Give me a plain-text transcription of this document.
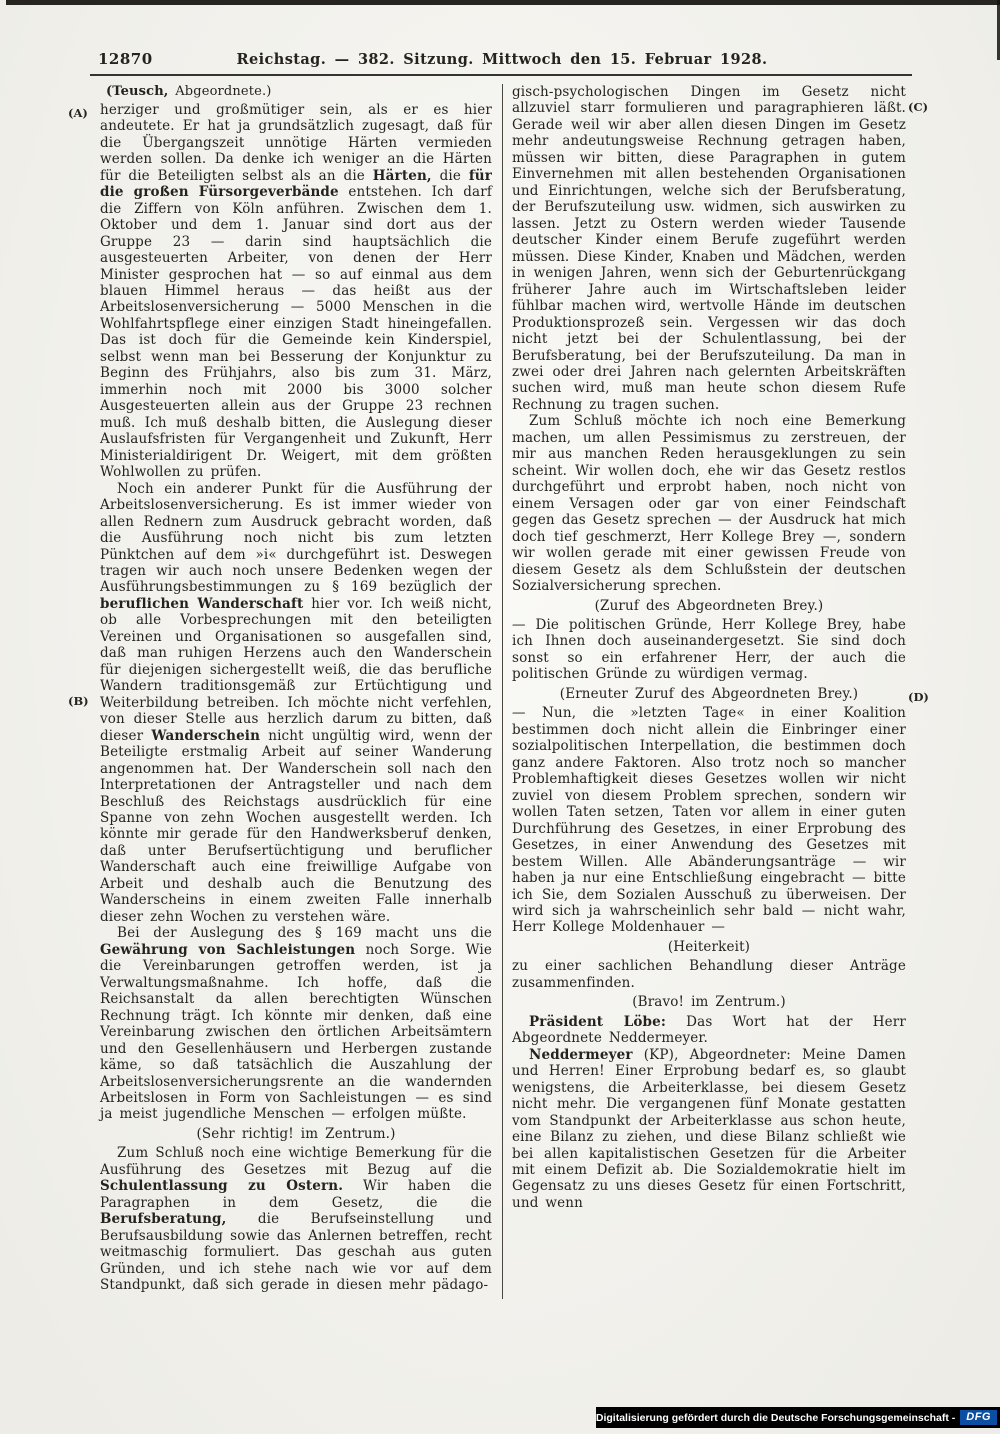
12870	Reichstag. — 382. Sitzung. Mittwoch den 15. Februar 1928.
(A)
(B)
(C)
(D)

(Teusch, Abgeordnete.)

herziger und großmütiger sein, als er es hier andeutete. Er hat ja grundsätzlich zugesagt, daß für die Übergangszeit unnötige Härten vermieden werden sollen. Da denke ich weniger an die Härten für die Beteiligten selbst als an die Härten, die für die großen Fürsorgeverbände entstehen. Ich darf die Ziffern von Köln anführen. Zwischen dem 1. Oktober und dem 1. Januar sind dort aus der Gruppe 23 — darin sind hauptsächlich die ausgesteuerten Arbeiter, von denen der Herr Minister gesprochen hat — so auf einmal aus dem blauen Himmel heraus — das heißt aus der Arbeitslosenversicherung — 5000 Menschen in die Wohlfahrtspflege einer einzigen Stadt hineingefallen. Das ist doch für die Gemeinde kein Kinderspiel, selbst wenn man bei Besserung der Konjunktur zu Beginn des Frühjahrs, also bis zum 31. März, immerhin noch mit 2000 bis 3000 solcher Ausgesteuerten allein aus der Gruppe 23 rechnen muß. Ich muß deshalb bitten, die Auslegung dieser Auslaufsfristen für Vergangenheit und Zukunft, Herr Ministerialdirigent Dr. Weigert, mit dem größten Wohlwollen zu prüfen.

Noch ein anderer Punkt für die Ausführung der Arbeitslosenversicherung. Es ist immer wieder von allen Rednern zum Ausdruck gebracht worden, daß die Ausführung noch nicht bis zum letzten Pünktchen auf dem »i« durchgeführt ist. Deswegen tragen wir auch noch unsere Bedenken wegen der Ausführungsbestimmungen zu § 169 bezüglich der beruflichen Wanderschaft hier vor. Ich weiß nicht, ob alle Vorbesprechungen mit den beteiligten Vereinen und Organisationen so ausgefallen sind, daß man ruhigen Herzens auch den Wanderschein für diejenigen sichergestellt weiß, die das berufliche Wandern traditionsgemäß zur Ertüchtigung und Weiterbildung betreiben. Ich möchte nicht verfehlen, von dieser Stelle aus herzlich darum zu bitten, daß dieser Wanderschein nicht ungültig wird, wenn der Beteiligte erstmalig Arbeit auf seiner Wanderung angenommen hat. Der Wanderschein soll nach den Interpretationen der Antragsteller und nach dem Beschluß des Reichstags ausdrücklich für eine Spanne von zehn Wochen ausgestellt werden. Ich könnte mir gerade für den Handwerksberuf denken, daß unter Berufsertüchtigung und beruflicher Wanderschaft auch eine freiwillige Aufgabe von Arbeit und deshalb auch die Benutzung des Wanderscheins in einem zweiten Falle innerhalb dieser zehn Wochen zu verstehen wäre.

Bei der Auslegung des § 169 macht uns die Gewährung von Sachleistungen noch Sorge. Wie die Vereinbarungen getroffen werden, ist ja Verwaltungsmaßnahme. Ich hoffe, daß die Reichsanstalt da allen berechtigten Wünschen Rechnung trägt. Ich könnte mir denken, daß eine Vereinbarung zwischen den örtlichen Arbeitsämtern und den Gesellenhäusern und Herbergen zustande käme, so daß tatsächlich die Auszahlung der Arbeitslosenversicherungsrente an die wandernden Arbeitslosen in Form von Sachleistungen — es sind ja meist jugendliche Menschen — erfolgen müßte.

(Sehr richtig! im Zentrum.)

Zum Schluß noch eine wichtige Bemerkung für die Ausführung des Gesetzes mit Bezug auf die Schulentlassung zu Ostern. Wir haben die Paragraphen in dem Gesetz, die die Berufsberatung, die Berufseinstellung und Berufsausbildung sowie das Anlernen betreffen, recht weitmaschig formuliert. Das geschah aus guten Gründen, und ich stehe nach wie vor auf dem Standpunkt, daß sich gerade in diesen mehr pädago-

gisch-psychologischen Dingen im Gesetz nicht allzuviel starr formulieren und paragraphieren läßt. Gerade weil wir aber allen diesen Dingen im Gesetz mehr andeutungsweise Rechnung getragen haben, müssen wir bitten, diese Paragraphen in gutem Einvernehmen mit allen bestehenden Organisationen und Einrichtungen, welche sich der Berufsberatung, der Berufszuteilung usw. widmen, sich auswirken zu lassen. Jetzt zu Ostern werden wieder Tausende deutscher Kinder einem Berufe zugeführt werden müssen. Diese Kinder, Knaben und Mädchen, werden in wenigen Jahren, wenn sich der Geburtenrückgang früherer Jahre auch im Wirtschaftsleben leider fühlbar machen wird, wertvolle Hände im deutschen Produktionsprozeß sein. Vergessen wir das doch nicht jetzt bei der Schulentlassung, bei der Berufsberatung, bei der Berufszuteilung. Da man in zwei oder drei Jahren nach gelernten Arbeitskräften suchen wird, muß man heute schon diesem Rufe Rechnung zu tragen suchen.

Zum Schluß möchte ich noch eine Bemerkung machen, um allen Pessimismus zu zerstreuen, der mir aus manchen Reden herausgeklungen zu sein scheint. Wir wollen doch, ehe wir das Gesetz restlos durchgeführt und erprobt haben, noch nicht von einem Versagen oder gar von einer Feindschaft gegen das Gesetz sprechen — der Ausdruck hat mich doch tief geschmerzt, Herr Kollege Brey —, sondern wir wollen gerade mit einer gewissen Freude von diesem Gesetz als dem Schlußstein der deutschen Sozialversicherung sprechen.

(Zuruf des Abgeordneten Brey.)

— Die politischen Gründe, Herr Kollege Brey, habe ich Ihnen doch auseinandergesetzt. Sie sind doch sonst so ein erfahrener Herr, der auch die politischen Gründe zu würdigen vermag.

(Erneuter Zuruf des Abgeordneten Brey.)

— Nun, die »letzten Tage« in einer Koalition bestimmen doch nicht allein die Einbringer einer sozialpolitischen Interpellation, die bestimmen doch ganz andere Faktoren. Also trotz noch so mancher Problemhaftigkeit dieses Gesetzes wollen wir nicht zuviel von diesem Problem sprechen, sondern wir wollen Taten setzen, Taten vor allem in einer guten Durchführung des Gesetzes, in einer Erprobung des Gesetzes, in einer Anwendung des Gesetzes mit bestem Willen. Alle Abänderungsanträge — wir haben ja nur eine Entschließung eingebracht — bitte ich Sie, dem Sozialen Ausschuß zu überweisen. Der wird sich ja wahrscheinlich sehr bald — nicht wahr, Herr Kollege Moldenhauer —

(Heiterkeit)

zu einer sachlichen Behandlung dieser Anträge zusammenfinden.

(Bravo! im Zentrum.)

Präsident Löbe: Das Wort hat der Herr Abgeordnete Neddermeyer.

Neddermeyer (KP), Abgeordneter: Meine Damen und Herren! Einer Erprobung bedarf es, so glaubt wenigstens, die Arbeiterklasse, bei diesem Gesetz nicht mehr. Die vergangenen fünf Monate gestatten vom Standpunkt der Arbeiterklasse aus schon heute, eine Bilanz zu ziehen, und diese Bilanz schließt wie bei allen kapitalistischen Gesetzen für die Arbeiter mit einem Defizit ab. Die Sozialdemokratie hielt im Gegensatz zu uns dieses Gesetz für einen Fortschritt, und wenn

Digitalisierung gefördert durch die Deutsche Forschungsgemeinschaft -	DFG
